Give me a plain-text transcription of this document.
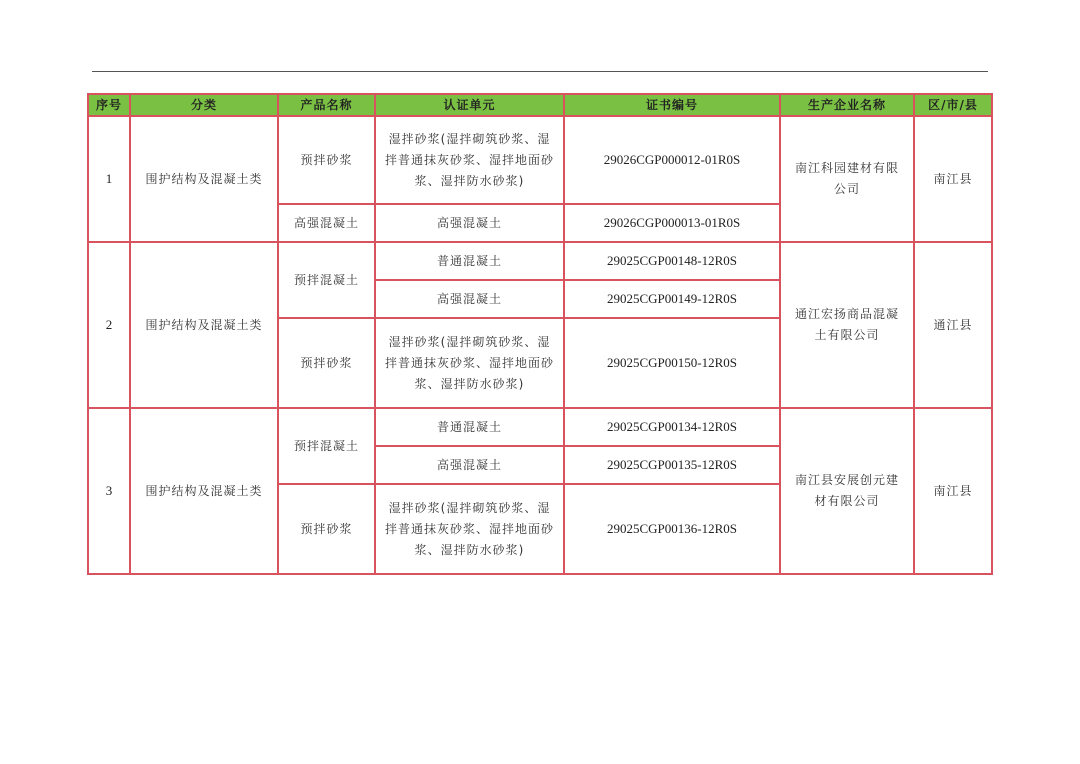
序号	分类	产品名称	认证单元	证书编号	生产企业名称	区/市/县
1	围护结构及混凝土类	预拌砂浆	湿拌砂浆(湿拌砌筑砂浆、湿拌普通抹灰砂浆、湿拌地面砂浆、湿拌防水砂浆)	29026CGP000012-01R0S	南江科园建材有限公司	南江县
		高强混凝土	高强混凝土	29026CGP000013-01R0S		
2	围护结构及混凝土类	预拌混凝土	普通混凝土	29025CGP00148-12R0S	通江宏扬商品混凝土有限公司	通江县
			高强混凝土	29025CGP00149-12R0S		
		预拌砂浆	湿拌砂浆(湿拌砌筑砂浆、湿拌普通抹灰砂浆、湿拌地面砂浆、湿拌防水砂浆)	29025CGP00150-12R0S		
3	围护结构及混凝土类	预拌混凝土	普通混凝土	29025CGP00134-12R0S	南江县安展创元建材有限公司	南江县
			高强混凝土	29025CGP00135-12R0S		
		预拌砂浆	湿拌砂浆(湿拌砌筑砂浆、湿拌普通抹灰砂浆、湿拌地面砂浆、湿拌防水砂浆)	29025CGP00136-12R0S		
